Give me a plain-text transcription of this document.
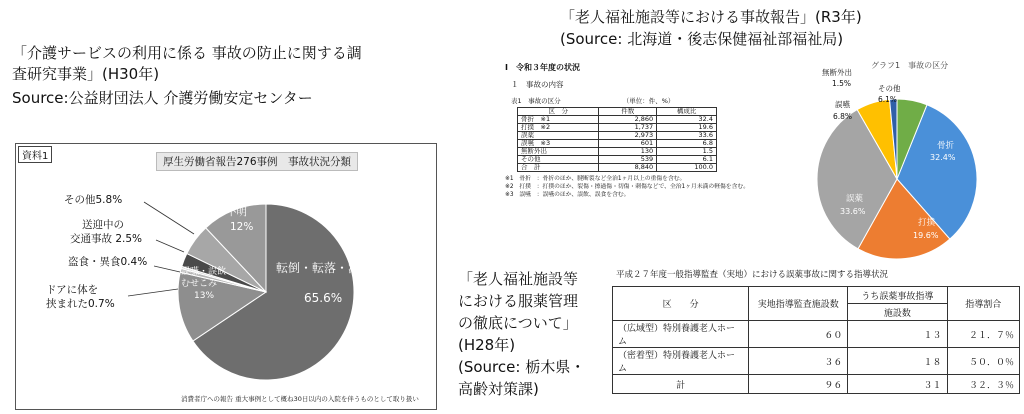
「介護サービスの利用に係る 事故の防止に関する調
査研究事業」(H30年)
Source:公益財団法人 介護労働安定センター
「老人福祉施設等における事故報告」(R3年)
(Source: 北海道・後志保健福祉部福祉局)
「老人福祉施設等
における服薬管理
の徹底について」
(H28年)
(Source: 栃木県・
高齢対策課)
資料1	厚生労働省報告276事例　事故状況分類
転倒・転落・滑落
65.6%
誤嚥・誤飲
むせこみ
13%
ドアに体を
挟まれた0.7%
盗食・異食0.4%
送迎中の
交通事故 2.5%
その他5.8%
不明
12%
消費者庁への報告 重大事例として概ね30日以内の入院を伴うものとして取り扱い
Ⅰ　令和３年度の状況
１　事故の内容
表1　事故の区分	（単位：件、%）
区　分	件数	構成比
骨折　※1	2,860	32.4
打撲　※2	1,737	19.6
誤薬	2,973	33.6
誤嚥　※3	601	6.8
無断外出	130	1.5
その他	539	6.1
合　計	8,840	100.0
※1　骨折　：骨折のほか、腱断裂など全治1ヶ月以上の重傷を含む。
※2　打撲　：打撲のほか、裂傷・擦過傷・切傷・刺傷などで、全治1ヶ月未満の軽傷を含む。
※3　誤嚥　：誤嚥のほか、誤飲、誤食を含む。
グラフ1　事故の区分
無断外出
1.5%
その他
6.1%
誤嚥
6.8%
骨折
32.4%
誤薬
33.6%
打撲
19.6%
平成２７年度一般指導監査（実地）における誤薬事故に関する指導状況
区　　分	実地指導監査施設数	うち誤薬事故指導	指導割合
		施設数	
（広域型）特別養護老人ホーム	６０	１３	２１．７％
（密着型）特別養護老人ホーム	３６	１８	５０．０％
計	９６	３１	３２．３％
